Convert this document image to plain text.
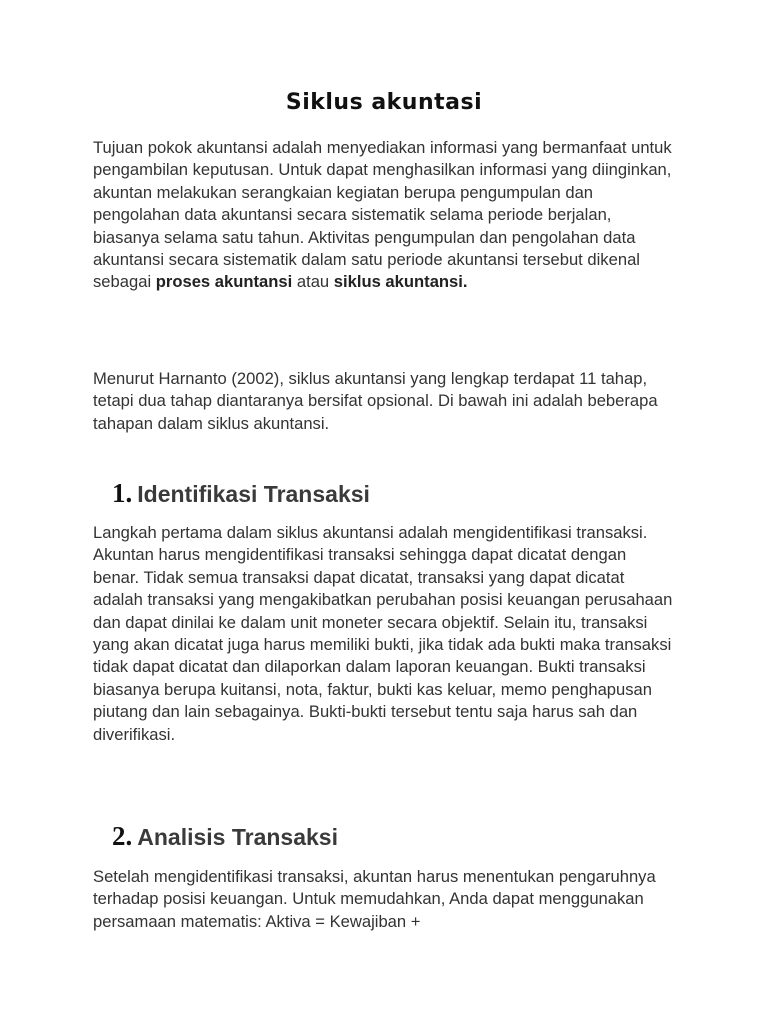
Siklus akuntasi

Tujuan pokok akuntansi adalah menyediakan informasi yang bermanfaat untuk pengambilan keputusan. Untuk dapat menghasilkan informasi yang diinginkan, akuntan melakukan serangkaian kegiatan berupa pengumpulan dan pengolahan data akuntansi secara sistematik selama periode berjalan, biasanya selama satu tahun. Aktivitas pengumpulan dan pengolahan data akuntansi secara sistematik dalam satu periode akuntansi tersebut dikenal sebagai proses akuntansi atau siklus akuntansi.

Menurut Harnanto (2002), siklus akuntansi yang lengkap terdapat 11 tahap, tetapi dua tahap diantaranya bersifat opsional. Di bawah ini adalah beberapa tahapan dalam siklus akuntansi.

1. Identifikasi Transaksi

Langkah pertama dalam siklus akuntansi adalah mengidentifikasi transaksi. Akuntan harus mengidentifikasi transaksi sehingga dapat dicatat dengan benar. Tidak semua transaksi dapat dicatat, transaksi yang dapat dicatat adalah transaksi yang mengakibatkan perubahan posisi keuangan perusahaan dan dapat dinilai ke dalam unit moneter secara objektif. Selain itu, transaksi yang akan dicatat juga harus memiliki bukti, jika tidak ada bukti maka transaksi tidak dapat dicatat dan dilaporkan dalam laporan keuangan. Bukti transaksi biasanya berupa kuitansi, nota, faktur, bukti kas keluar, memo penghapusan piutang dan lain sebagainya. Bukti-bukti tersebut tentu saja harus sah dan diverifikasi.

2. Analisis Transaksi

Setelah mengidentifikasi transaksi, akuntan harus menentukan pengaruhnya terhadap posisi keuangan. Untuk memudahkan, Anda dapat menggunakan persamaan matematis: Aktiva = Kewajiban +
